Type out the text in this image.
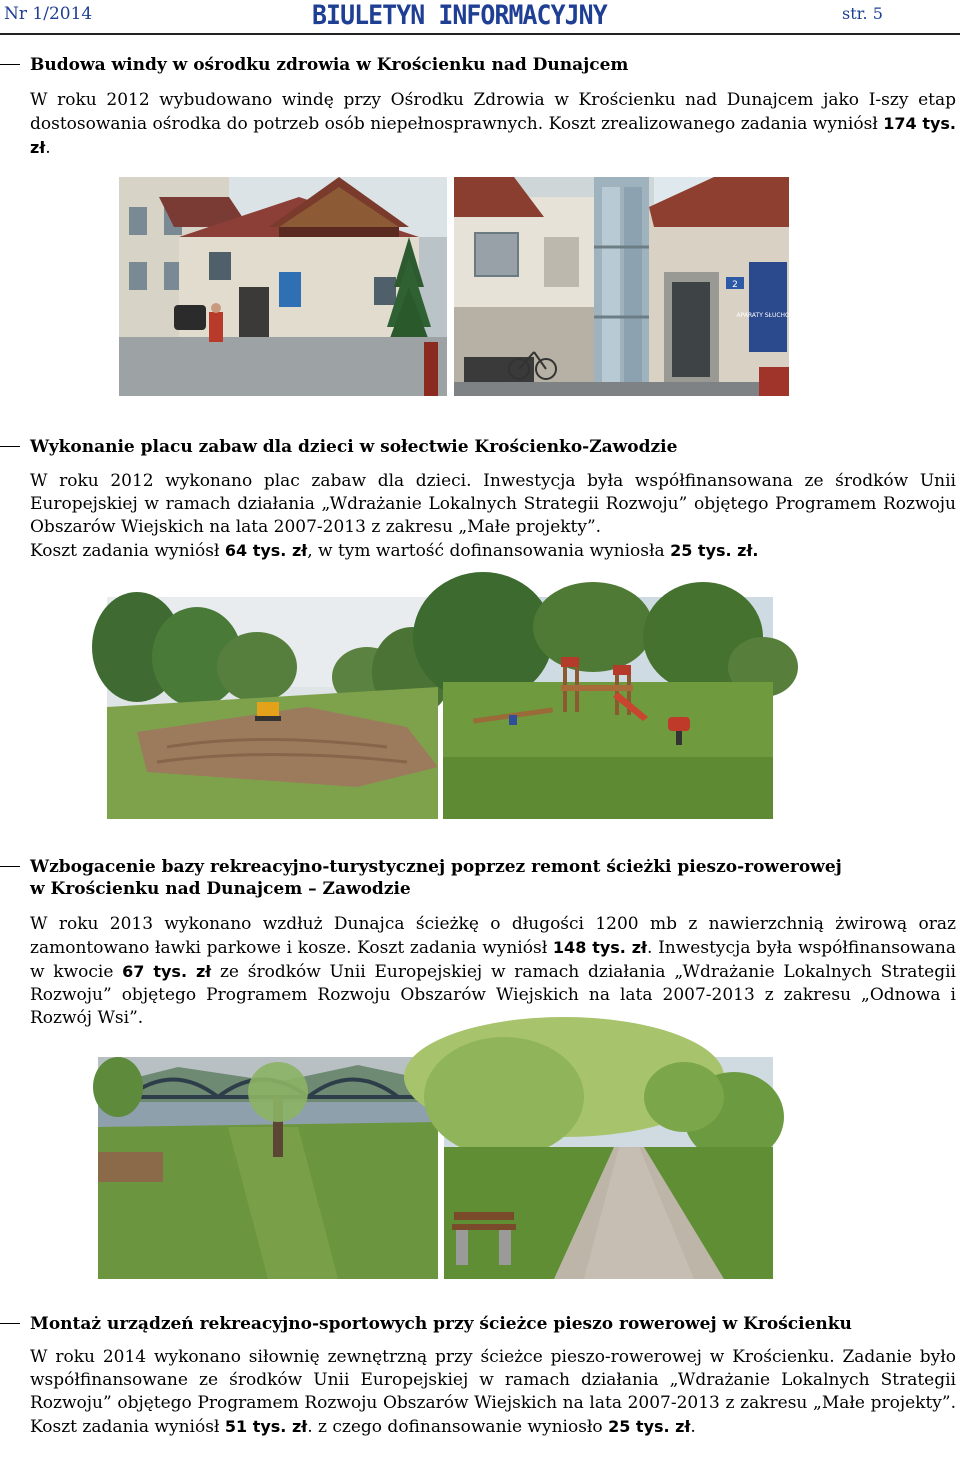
Nr 1/2014	BIULETYN INFORMACYJNY	str. 5
Budowa windy w ośrodku zdrowia w Krościenku nad Dunajcem
W roku 2012 wybudowano windę przy Ośrodku Zdrowia w Krościenku nad Dunajcem jako I-szy etap dostosowania ośrodka do potrzeb osób niepełnosprawnych. Koszt zrealizowanego zadania wyniósł 174 tys. zł.
2
APARATY SŁUCHOWE
Wykonanie placu zabaw dla dzieci w sołectwie Krościenko-Zawodzie
W roku 2012 wykonano plac zabaw dla dzieci. Inwestycja była współfinansowana ze środków Unii Europejskiej w ramach działania „Wdrażanie Lokalnych Strategii Rozwoju” objętego Programem Rozwoju Obszarów Wiejskich na lata 2007-2013 z zakresu „Małe projekty”.
Koszt zadania wyniósł 64 tys. zł, w tym wartość dofinansowania wyniosła 25 tys. zł.
Wzbogacenie bazy rekreacyjno-turystycznej poprzez remont ścieżki pieszo-rowerowej
w Krościenku nad Dunajcem – Zawodzie
W roku 2013 wykonano wzdłuż Dunajca ścieżkę o długości 1200 mb z nawierzchnią żwirową oraz zamontowano ławki parkowe i kosze. Koszt zadania wyniósł 148 tys. zł. Inwestycja była współfinansowana w kwocie 67 tys. zł ze środków Unii Europejskiej w ramach działania „Wdrażanie Lokalnych Strategii Rozwoju” objętego Programem Rozwoju Obszarów Wiejskich na lata 2007-2013 z zakresu „Odnowa i Rozwój Wsi”.
Montaż urządzeń rekreacyjno-sportowych przy ścieżce pieszo rowerowej w Krościenku
W roku 2014 wykonano siłownię zewnętrzną przy ścieżce pieszo-rowerowej w Krościenku. Zadanie było współfinansowane ze środków Unii Europejskiej w ramach działania „Wdrażanie Lokalnych Strategii Rozwoju” objętego Programem Rozwoju Obszarów Wiejskich na lata 2007-2013 z zakresu „Małe projekty”. Koszt zadania wyniósł 51 tys. zł. z czego dofinansowanie wyniosło 25 tys. zł.
